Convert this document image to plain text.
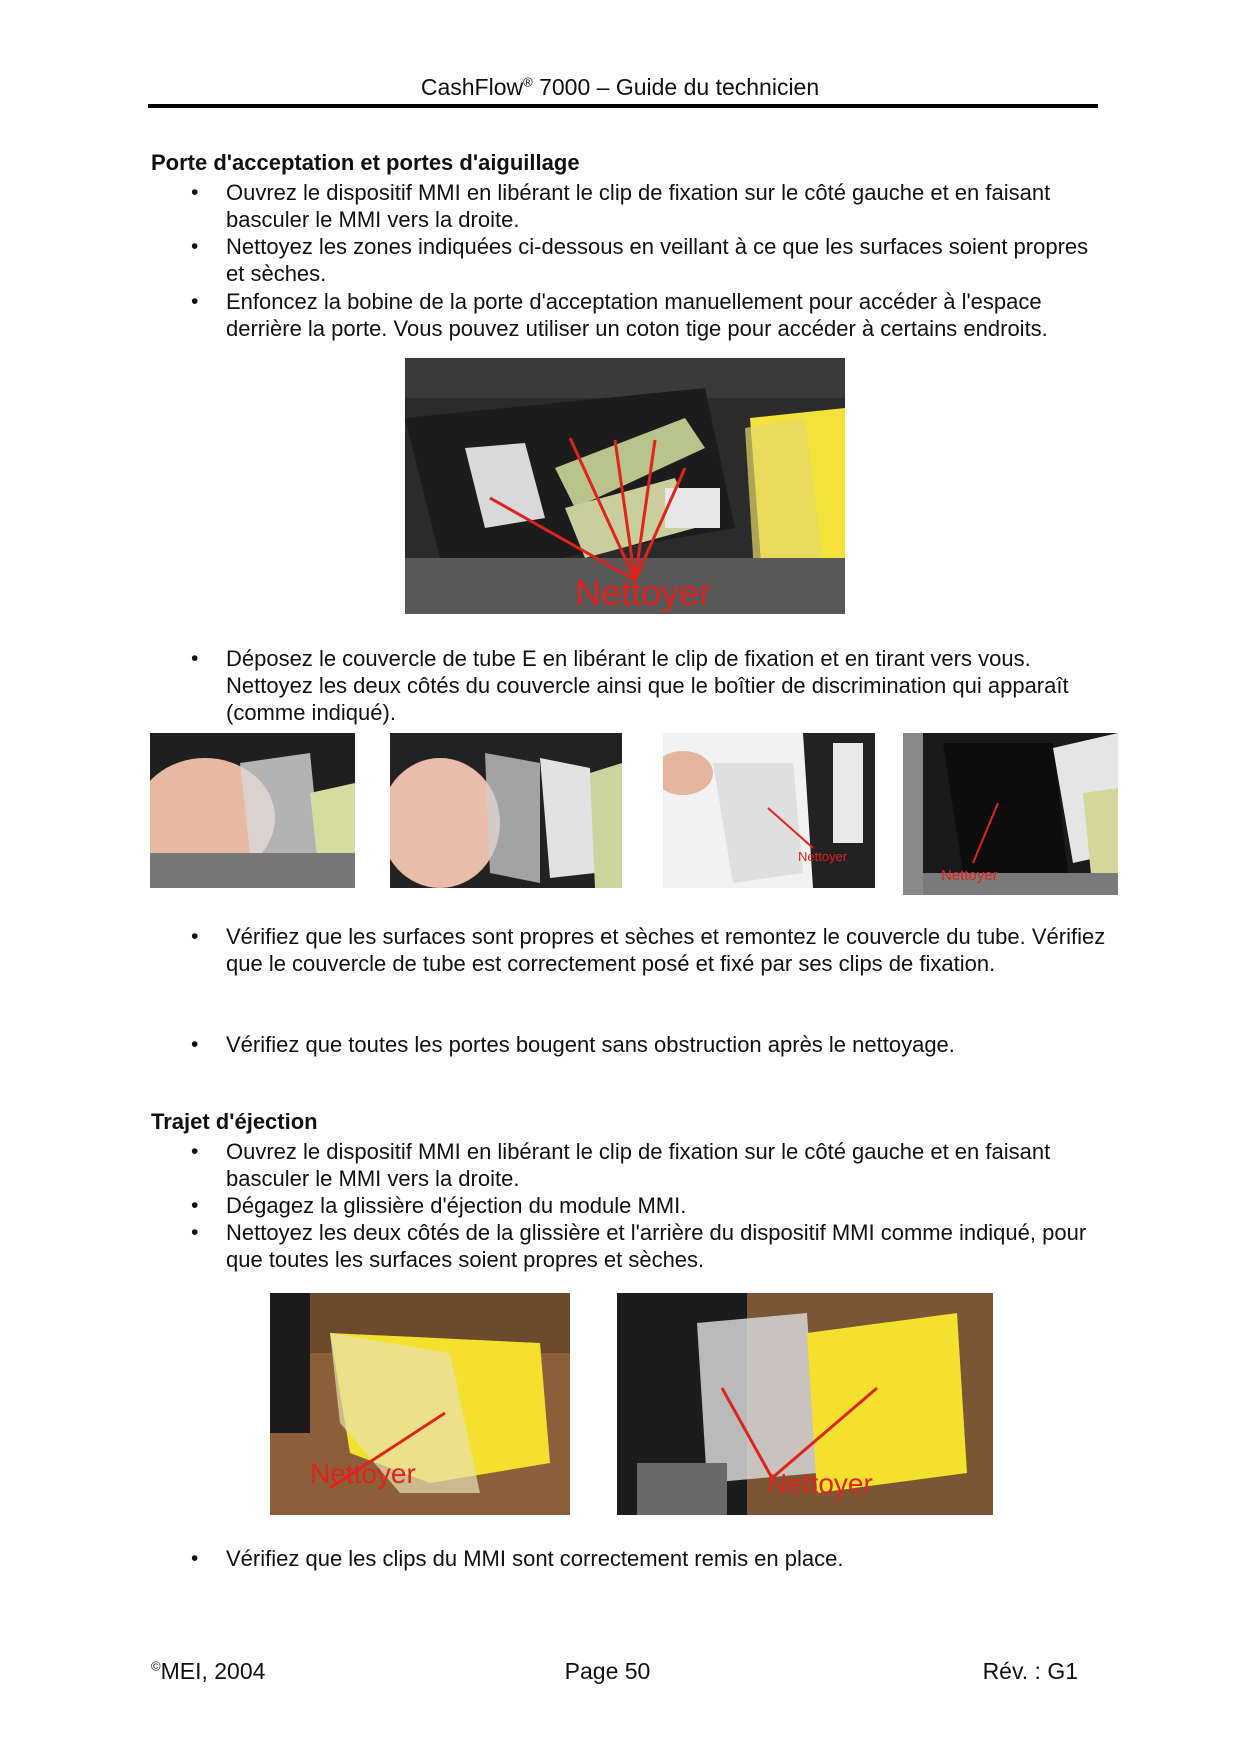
CashFlow® 7000 – Guide du technicien
Porte d'acceptation et portes d'aiguillage
• Ouvrez le dispositif MMI en libérant le clip de fixation sur le côté gauche et en faisant basculer le MMI vers la droite.
• Nettoyez les zones indiquées ci-dessous en veillant à ce que les surfaces soient propres et sèches.
• Enfoncez la bobine de la porte d'acceptation manuellement pour accéder à l'espace derrière la porte. Vous pouvez utiliser un coton tige pour accéder à certains endroits.
Nettoyer
• Déposez le couvercle de tube E en libérant le clip de fixation et en tirant vers vous. Nettoyez les deux côtés du couvercle ainsi que le boîtier de discrimination qui apparaît (comme indiqué).
Nettoyer
Nettoyer
• Vérifiez que les surfaces sont propres et sèches et remontez le couvercle du tube. Vérifiez que le couvercle de tube est correctement posé et fixé par ses clips de fixation.
• Vérifiez que toutes les portes bougent sans obstruction après le nettoyage.
Trajet d'éjection
• Ouvrez le dispositif MMI en libérant le clip de fixation sur le côté gauche et en faisant basculer le MMI vers la droite.
• Dégagez la glissière d'éjection du module MMI.
• Nettoyez les deux côtés de la glissière et l'arrière du dispositif MMI comme indiqué, pour que toutes les surfaces soient propres et sèches.
Nettoyer	Nettoyer
• Vérifiez que les clips du MMI sont correctement remis en place.
©MEI, 2004	Page 50	Rév. : G1
